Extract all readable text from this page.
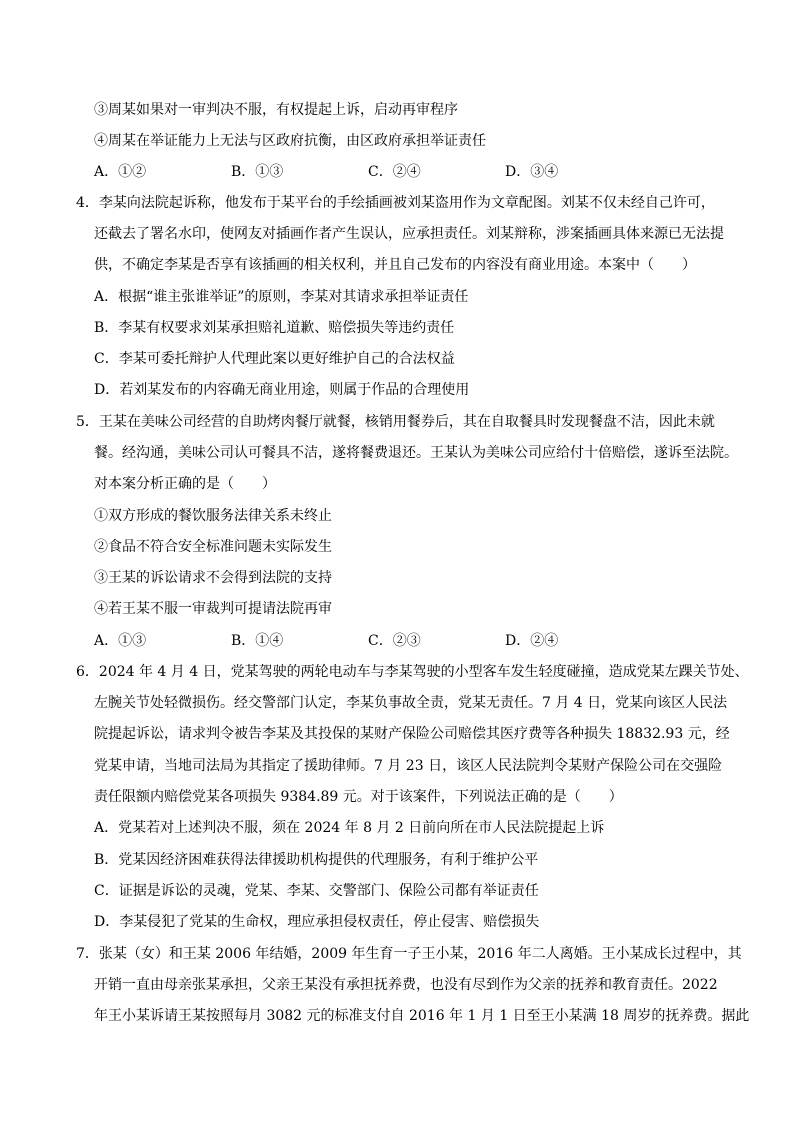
③周某如果对一审判决不服，有权提起上诉，启动再审程序
④周某在举证能力上无法与区政府抗衡，由区政府承担举证责任
A．①②	B．①③	C．②④	D．③④
4．李某向法院起诉称，他发布于某平台的手绘插画被刘某盗用作为文章配图。刘某不仅未经自己许可，
还截去了署名水印，使网友对插画作者产生误认，应承担责任。刘某辩称，涉案插画具体来源已无法提
供，不确定李某是否享有该插画的相关权利，并且自己发布的内容没有商业用途。本案中（　　）
A．根据“谁主张谁举证”的原则，李某对其请求承担举证责任
B．李某有权要求刘某承担赔礼道歉、赔偿损失等违约责任
C．李某可委托辩护人代理此案以更好维护自己的合法权益
D．若刘某发布的内容确无商业用途，则属于作品的合理使用
5．王某在美味公司经营的自助烤肉餐厅就餐，核销用餐券后，其在自取餐具时发现餐盘不洁，因此未就
餐。经沟通，美味公司认可餐具不洁，遂将餐费退还。王某认为美味公司应给付十倍赔偿，遂诉至法院。
对本案分析正确的是（　　）
①双方形成的餐饮服务法律关系未终止
②食品不符合安全标准问题未实际发生
③王某的诉讼请求不会得到法院的支持
④若王某不服一审裁判可提请法院再审
A．①③	B．①④	C．②③	D．②④
6．2024 年 4 月 4 日，党某驾驶的两轮电动车与李某驾驶的小型客车发生轻度碰撞，造成党某左踝关节处、
左腕关节处轻微损伤。经交警部门认定，李某负事故全责，党某无责任。7 月 4 日，党某向该区人民法
院提起诉讼，请求判令被告李某及其投保的某财产保险公司赔偿其医疗费等各种损失 18832.93 元，经
党某申请，当地司法局为其指定了援助律师。7 月 23 日，该区人民法院判令某财产保险公司在交强险
责任限额内赔偿党某各项损失 9384.89 元。对于该案件，下列说法正确的是（　　）
A．党某若对上述判决不服，须在 2024 年 8 月 2 日前向所在市人民法院提起上诉
B．党某因经济困难获得法律援助机构提供的代理服务，有利于维护公平
C．证据是诉讼的灵魂，党某、李某、交警部门、保险公司都有举证责任
D．李某侵犯了党某的生命权，理应承担侵权责任，停止侵害、赔偿损失
7．张某（女）和王某 2006 年结婚，2009 年生育一子王小某，2016 年二人离婚。王小某成长过程中，其
开销一直由母亲张某承担，父亲王某没有承担抚养费，也没有尽到作为父亲的抚养和教育责任。2022
年王小某诉请王某按照每月 3082 元的标准支付自 2016 年 1 月 1 日至王小某满 18 周岁的抚养费。据此
